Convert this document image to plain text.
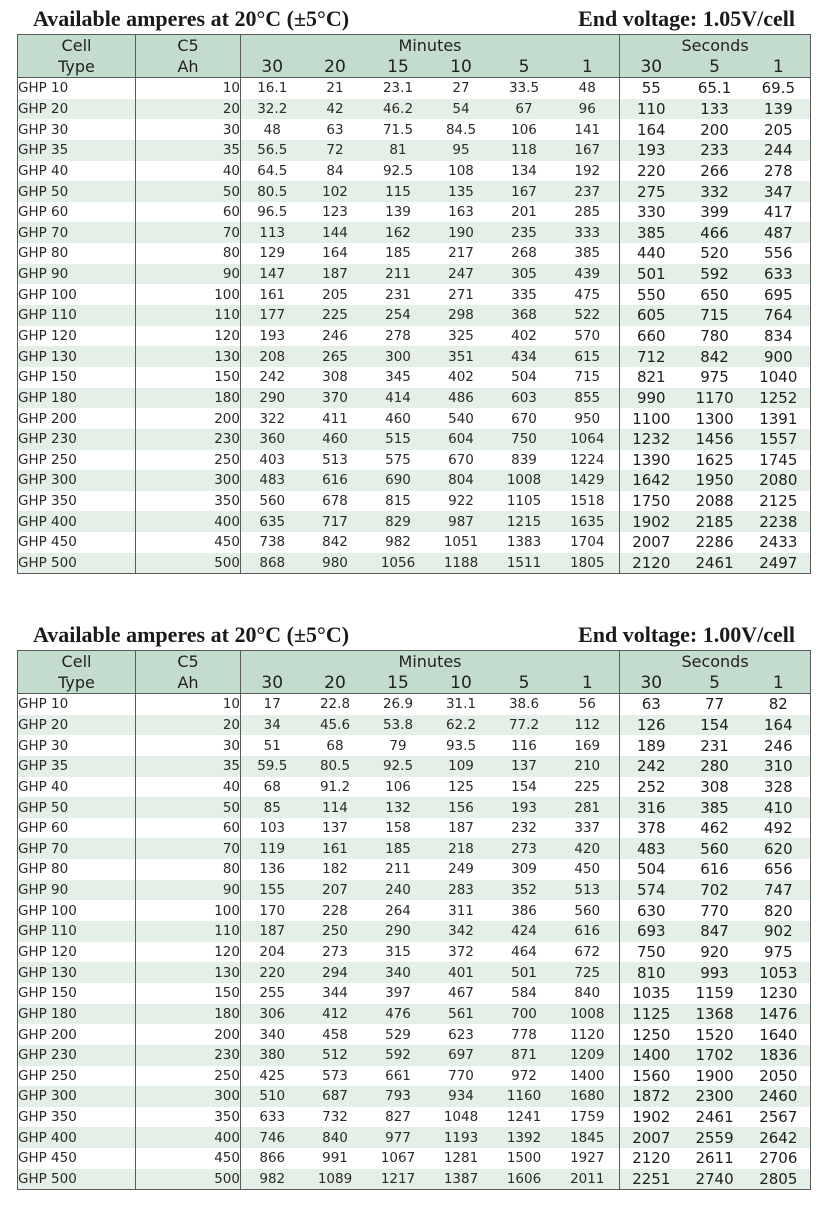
Available amperes at 20°C (±5°C)	End voltage: 1.05V/cell
Cell	C5	Minutes						Seconds		
Type	Ah	30	20	15	10	5	1	30	5	1
GHP 10	10	16.1	21	23.1	27	33.5	48	55	65.1	69.5
GHP 20	20	32.2	42	46.2	54	67	96	110	133	139
GHP 30	30	48	63	71.5	84.5	106	141	164	200	205
GHP 35	35	56.5	72	81	95	118	167	193	233	244
GHP 40	40	64.5	84	92.5	108	134	192	220	266	278
GHP 50	50	80.5	102	115	135	167	237	275	332	347
GHP 60	60	96.5	123	139	163	201	285	330	399	417
GHP 70	70	113	144	162	190	235	333	385	466	487
GHP 80	80	129	164	185	217	268	385	440	520	556
GHP 90	90	147	187	211	247	305	439	501	592	633
GHP 100	100	161	205	231	271	335	475	550	650	695
GHP 110	110	177	225	254	298	368	522	605	715	764
GHP 120	120	193	246	278	325	402	570	660	780	834
GHP 130	130	208	265	300	351	434	615	712	842	900
GHP 150	150	242	308	345	402	504	715	821	975	1040
GHP 180	180	290	370	414	486	603	855	990	1170	1252
GHP 200	200	322	411	460	540	670	950	1100	1300	1391
GHP 230	230	360	460	515	604	750	1064	1232	1456	1557
GHP 250	250	403	513	575	670	839	1224	1390	1625	1745
GHP 300	300	483	616	690	804	1008	1429	1642	1950	2080
GHP 350	350	560	678	815	922	1105	1518	1750	2088	2125
GHP 400	400	635	717	829	987	1215	1635	1902	2185	2238
GHP 450	450	738	842	982	1051	1383	1704	2007	2286	2433
GHP 500	500	868	980	1056	1188	1511	1805	2120	2461	2497
Available amperes at 20°C (±5°C)	End voltage: 1.00V/cell
Cell	C5	Minutes						Seconds		
Type	Ah	30	20	15	10	5	1	30	5	1
GHP 10	10	17	22.8	26.9	31.1	38.6	56	63	77	82
GHP 20	20	34	45.6	53.8	62.2	77.2	112	126	154	164
GHP 30	30	51	68	79	93.5	116	169	189	231	246
GHP 35	35	59.5	80.5	92.5	109	137	210	242	280	310
GHP 40	40	68	91.2	106	125	154	225	252	308	328
GHP 50	50	85	114	132	156	193	281	316	385	410
GHP 60	60	103	137	158	187	232	337	378	462	492
GHP 70	70	119	161	185	218	273	420	483	560	620
GHP 80	80	136	182	211	249	309	450	504	616	656
GHP 90	90	155	207	240	283	352	513	574	702	747
GHP 100	100	170	228	264	311	386	560	630	770	820
GHP 110	110	187	250	290	342	424	616	693	847	902
GHP 120	120	204	273	315	372	464	672	750	920	975
GHP 130	130	220	294	340	401	501	725	810	993	1053
GHP 150	150	255	344	397	467	584	840	1035	1159	1230
GHP 180	180	306	412	476	561	700	1008	1125	1368	1476
GHP 200	200	340	458	529	623	778	1120	1250	1520	1640
GHP 230	230	380	512	592	697	871	1209	1400	1702	1836
GHP 250	250	425	573	661	770	972	1400	1560	1900	2050
GHP 300	300	510	687	793	934	1160	1680	1872	2300	2460
GHP 350	350	633	732	827	1048	1241	1759	1902	2461	2567
GHP 400	400	746	840	977	1193	1392	1845	2007	2559	2642
GHP 450	450	866	991	1067	1281	1500	1927	2120	2611	2706
GHP 500	500	982	1089	1217	1387	1606	2011	2251	2740	2805
